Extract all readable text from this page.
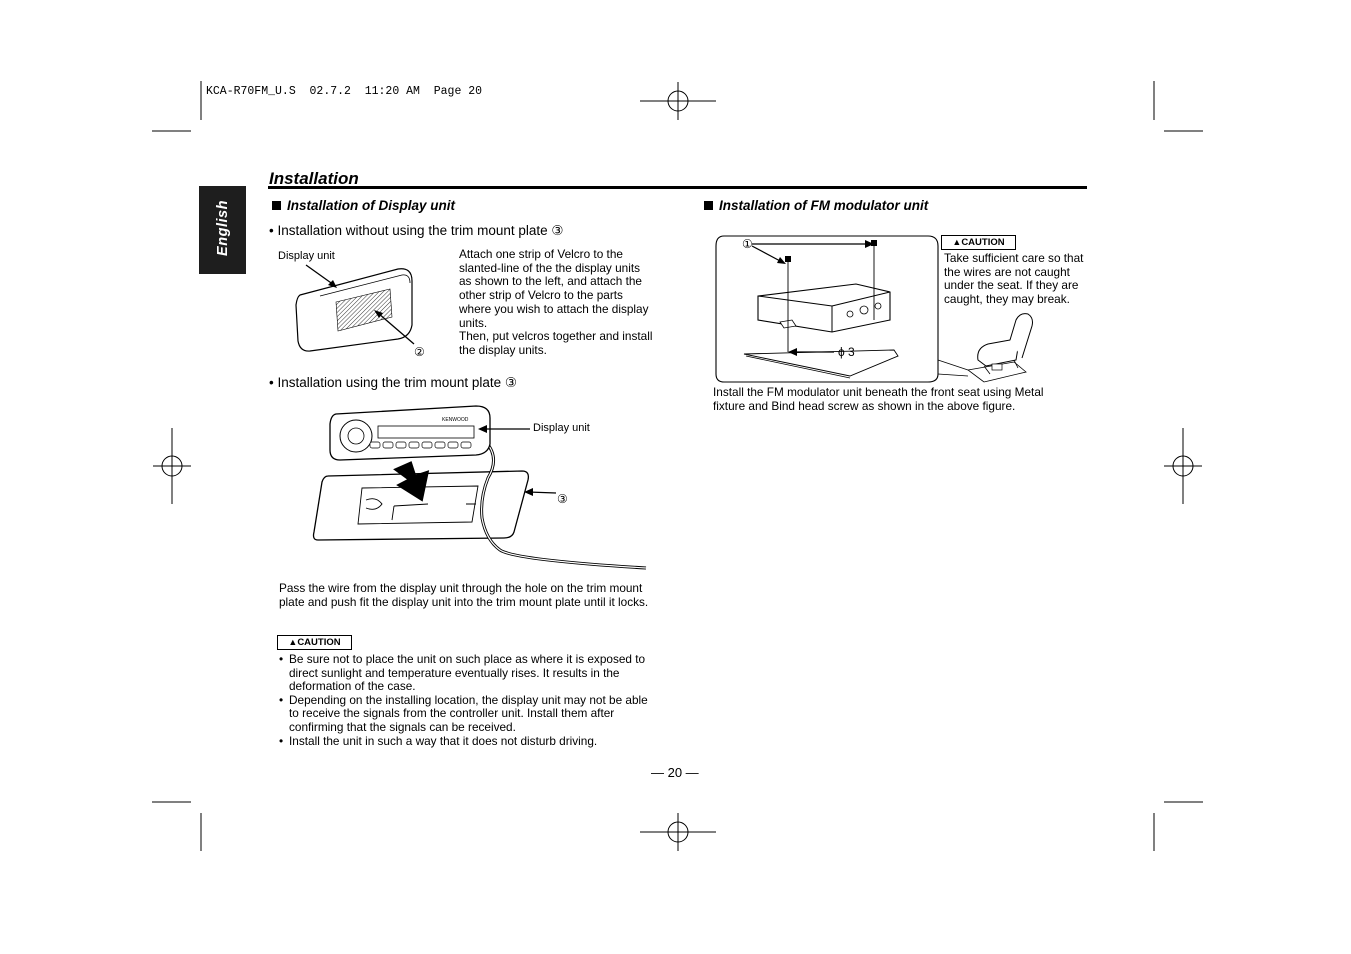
KCA-R70FM_U.S  02.7.2  11:20 AM  Page 20
English
Installation
Installation of Display unit
• Installation without using the trim mount plate ③
Display unit
②
Attach one strip of Velcro to the slanted-line of the the display units as shown to the left, and attach the other strip of Velcro to the parts where you wish to attach the display units.
Then, put velcros together and install the display units.
• Installation using the trim mount plate ③
KENWOOD
Display unit
③
Pass the wire from the display unit through the hole on the trim mount plate and push fit the display unit into the trim mount plate until it locks.
▲CAUTION
• Be sure not to place the unit on such place as where it is exposed to direct sunlight and temperature eventually rises. It results in the deformation of the case.
• Depending on the installing location, the display unit may not be able to receive the signals from the controller unit. Install them after confirming that the signals can be received.
• Install the unit in such a way that it does not disturb driving.
— 20 —
Installation of FM modulator unit
①
ϕ 3
▲CAUTION
Take sufficient care so that the wires are not caught under the seat. If they are caught, they may break.
Install the FM modulator unit beneath the front seat using Metal fixture and Bind head screw as shown in the above figure.
